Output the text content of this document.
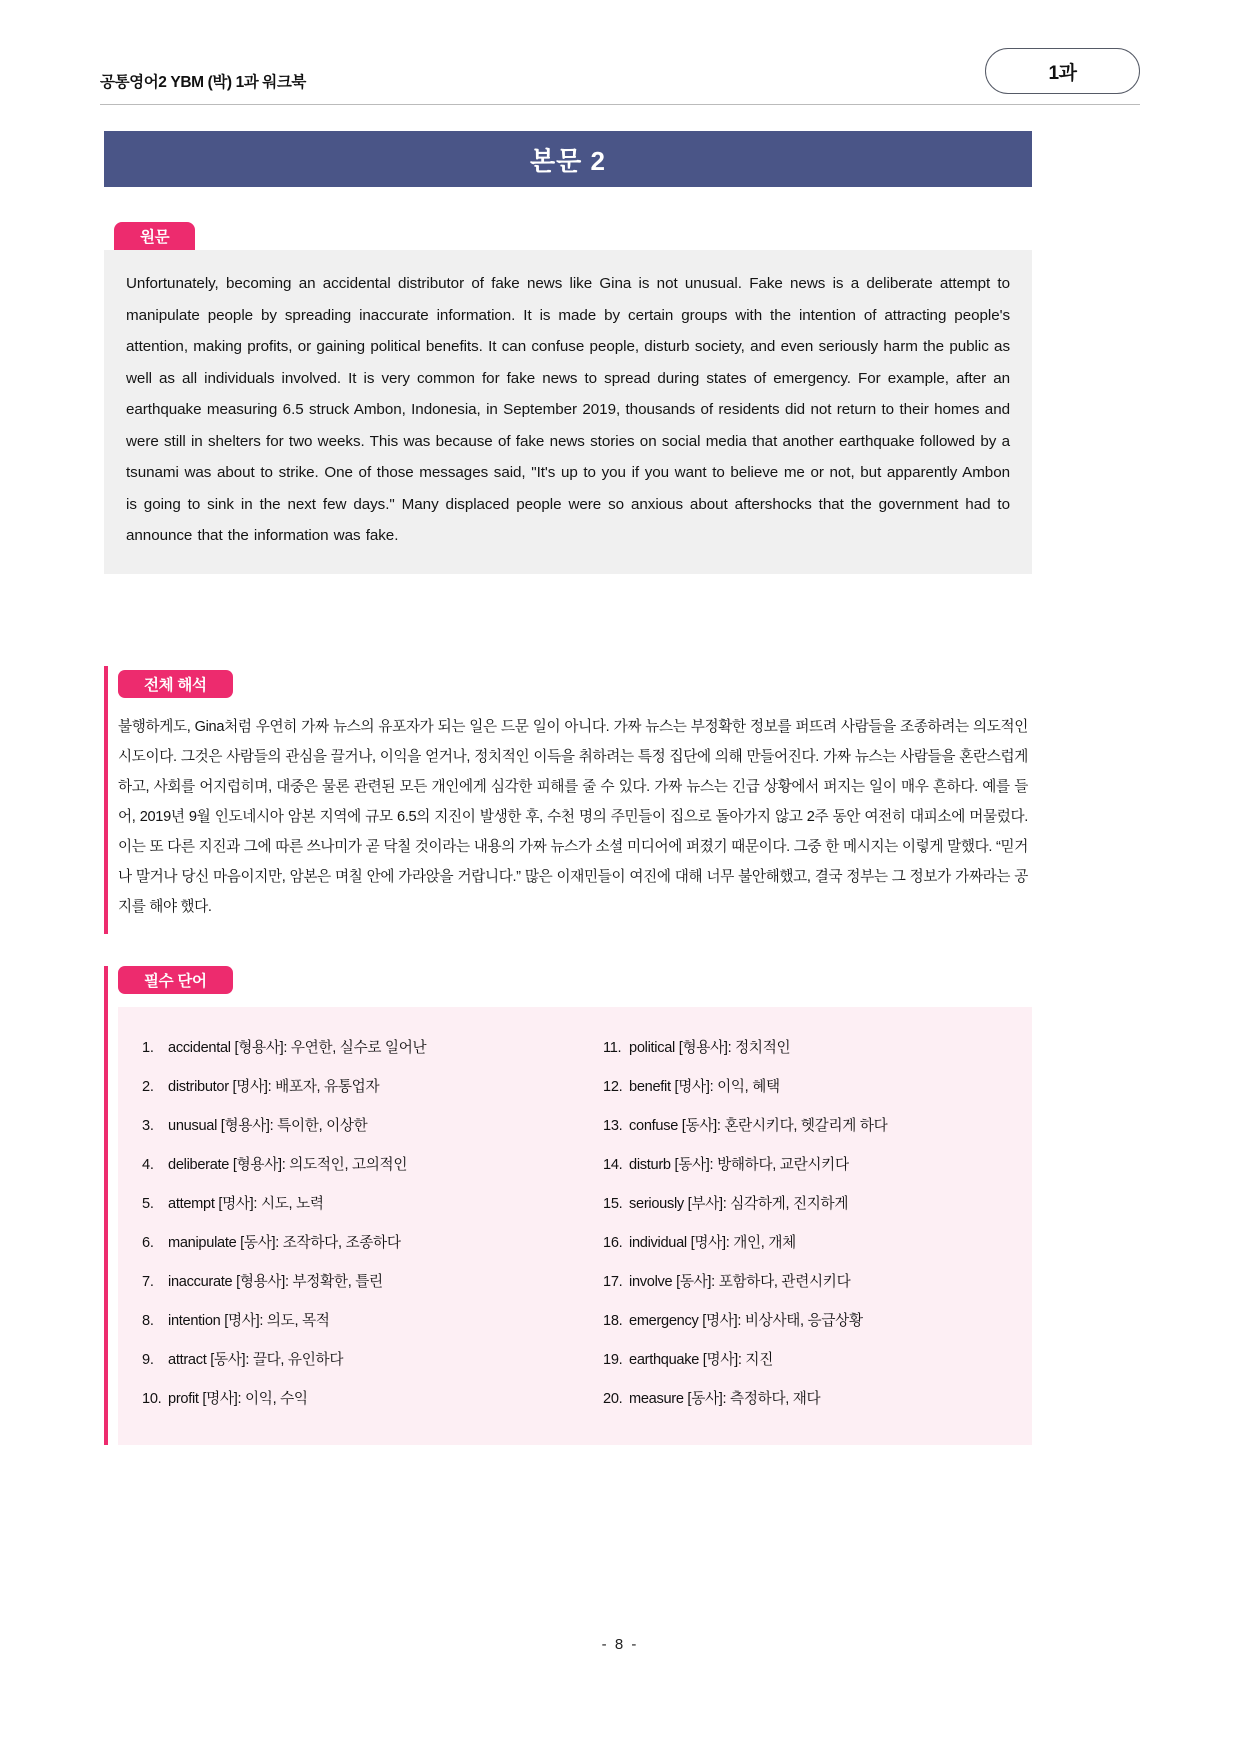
공통영어2 YBM (박) 1과 워크북	1과
본문 2
원문

Unfortunately, becoming an accidental distributor of fake news like Gina is not unusual. Fake news is a deliberate attempt to manipulate people by spreading inaccurate information. It is made by certain groups with the intention of attracting people's attention, making profits, or gaining political benefits. It can confuse people, disturb society, and even seriously harm the public as well as all individuals involved. It is very common for fake news to spread during states of emergency. For example, after an earthquake measuring 6.5 struck Ambon, Indonesia, in September 2019, thousands of residents did not return to their homes and were still in shelters for two weeks. This was because of fake news stories on social media that another earthquake followed by a tsunami was about to strike. One of those messages said, "It's up to you if you want to believe me or not, but apparently Ambon is going to sink in the next few days." Many displaced people were so anxious about aftershocks that the government had to announce that the information was fake.

전체 해석

불행하게도, Gina처럼 우연히 가짜 뉴스의 유포자가 되는 일은 드문 일이 아니다. 가짜 뉴스는 부정확한 정보를 퍼뜨려 사람들을 조종하려는 의도적인 시도이다. 그것은 사람들의 관심을 끌거나, 이익을 얻거나, 정치적인 이득을 취하려는 특정 집단에 의해 만들어진다. 가짜 뉴스는 사람들을 혼란스럽게 하고, 사회를 어지럽히며, 대중은 물론 관련된 모든 개인에게 심각한 피해를 줄 수 있다. 가짜 뉴스는 긴급 상황에서 퍼지는 일이 매우 흔하다. 예를 들어, 2019년 9월 인도네시아 암본 지역에 규모 6.5의 지진이 발생한 후, 수천 명의 주민들이 집으로 돌아가지 않고 2주 동안 여전히 대피소에 머물렀다. 이는 또 다른 지진과 그에 따른 쓰나미가 곧 닥칠 것이라는 내용의 가짜 뉴스가 소셜 미디어에 퍼졌기 때문이다. 그중 한 메시지는 이렇게 말했다. “믿거나 말거나 당신 마음이지만, 암본은 며칠 안에 가라앉을 거랍니다.” 많은 이재민들이 여진에 대해 너무 불안해했고, 결국 정부는 그 정보가 가짜라는 공지를 해야 했다.

필수 단어
1. accidental [형용사]: 우연한, 실수로 일어난
2. distributor [명사]: 배포자, 유통업자
3. unusual [형용사]: 특이한, 이상한
4. deliberate [형용사]: 의도적인, 고의적인
5. attempt [명사]: 시도, 노력
6. manipulate [동사]: 조작하다, 조종하다
7. inaccurate [형용사]: 부정확한, 틀린
8. intention [명사]: 의도, 목적
9. attract [동사]: 끌다, 유인하다
10. profit [명사]: 이익, 수익
11. political [형용사]: 정치적인
12. benefit [명사]: 이익, 혜택
13. confuse [동사]: 혼란시키다, 헷갈리게 하다
14. disturb [동사]: 방해하다, 교란시키다
15. seriously [부사]: 심각하게, 진지하게
16. individual [명사]: 개인, 개체
17. involve [동사]: 포함하다, 관련시키다
18. emergency [명사]: 비상사태, 응급상황
19. earthquake [명사]: 지진
20. measure [동사]: 측정하다, 재다
- 8 -
